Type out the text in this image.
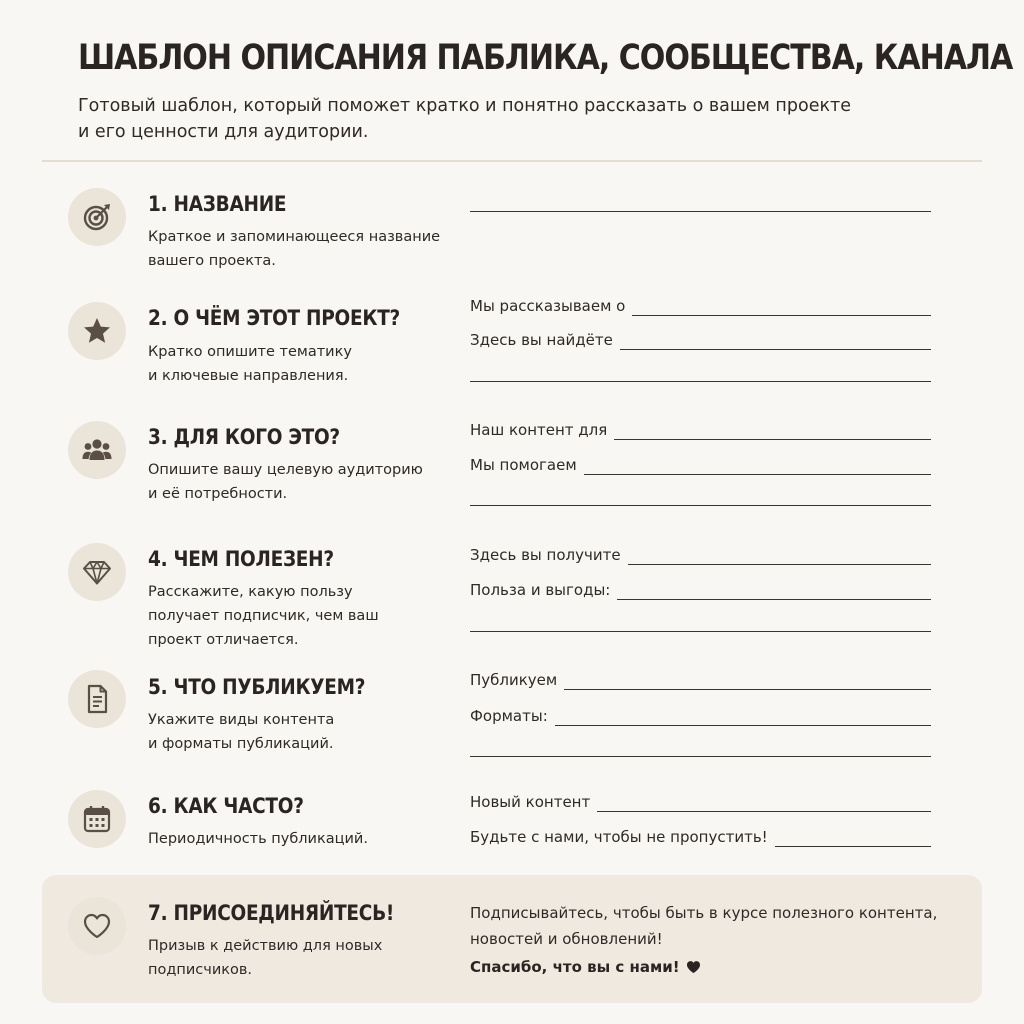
ШАБЛОН ОПИСАНИЯ ПАБЛИКА, СООБЩЕСТВА, КАНАЛА
Готовый шаблон, который поможет кратко и понятно рассказать о вашем проекте
и его ценности для аудитории.
1. НАЗВАНИЕ
Краткое и запоминающееся название
вашего проекта.
2. О ЧЁМ ЭТОТ ПРОЕКТ?
Кратко опишите тематику
и ключевые направления.
Мы рассказываем о
Здесь вы найдёте
3. ДЛЯ КОГО ЭТО?
Опишите вашу целевую аудиторию
и её потребности.
Наш контент для
Мы помогаем
4. ЧЕМ ПОЛЕЗЕН?
Расскажите, какую пользу
получает подписчик, чем ваш
проект отличается.
Здесь вы получите
Польза и выгоды:
5. ЧТО ПУБЛИКУЕМ?
Укажите виды контента
и форматы публикаций.
Публикуем
Форматы:
6. КАК ЧАСТО?
Периодичность публикаций.
Новый контент
Будьте с нами, чтобы не пропустить!
7. ПРИСОЕДИНЯЙТЕСЬ!
Призыв к действию для новых
подписчиков.
Подписывайтесь, чтобы быть в курсе полезного контента,
новостей и обновлений!
Спасибо, что вы с нами!
